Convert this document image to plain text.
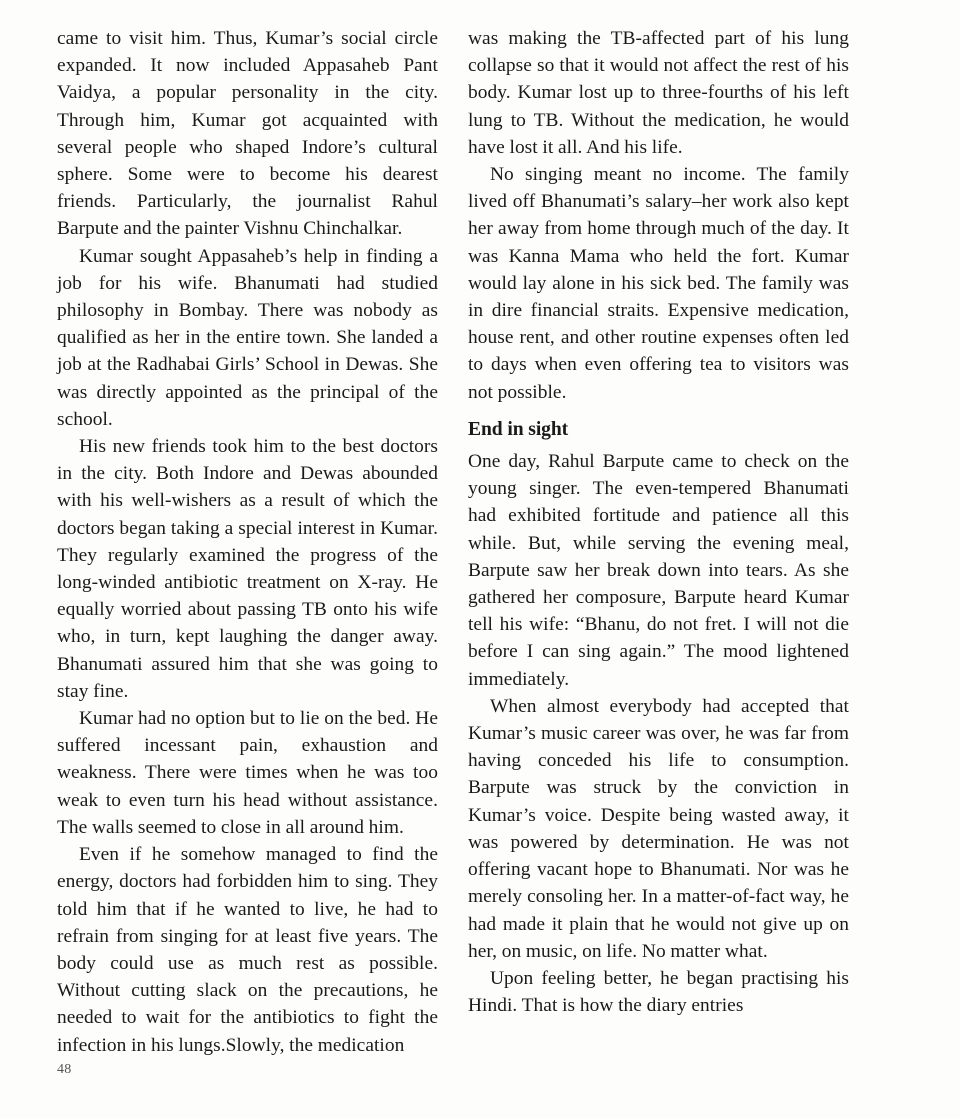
came to visit him. Thus, Kumar’s social circle expanded. It now included Appasaheb Pant Vaidya, a popular personality in the city. Through him, Kumar got acquainted with several people who shaped Indore’s cultural sphere. Some were to become his dearest friends. Particularly, the journalist Rahul Barpute and the painter Vishnu Chinchalkar.

Kumar sought Appasaheb’s help in finding a job for his wife. Bhanumati had studied philosophy in Bombay. There was nobody as qualified as her in the entire town. She landed a job at the Radhabai Girls’ School in Dewas. She was directly appointed as the principal of the school.

His new friends took him to the best doctors in the city. Both Indore and Dewas abounded with his well-wishers as a result of which the doctors began taking a special interest in Kumar. They regularly examined the progress of the long-winded antibiotic treatment on X-ray. He equally worried about passing TB onto his wife who, in turn, kept laughing the danger away. Bhanumati assured him that she was going to stay fine.

Kumar had no option but to lie on the bed. He suffered incessant pain, exhaustion and weakness. There were times when he was too weak to even turn his head without assistance. The walls seemed to close in all around him.

Even if he somehow managed to find the energy, doctors had forbidden him to sing. They told him that if he wanted to live, he had to refrain from singing for at least five years. The body could use as much rest as possible. Without cutting slack on the precautions, he needed to wait for the antibiotics to fight the infection in his lungs.Slowly, the medication

was making the TB-affected part of his lung collapse so that it would not affect the rest of his body. Kumar lost up to three-fourths of his left lung to TB. Without the medication, he would have lost it all. And his life.

No singing meant no income. The family lived off Bhanumati’s salary–her work also kept her away from home through much of the day. It was Kanna Mama who held the fort. Kumar would lay alone in his sick bed. The family was in dire financial straits. Expensive medication, house rent, and other routine expenses often led to days when even offering tea to visitors was not possible.

End in sight

One day, Rahul Barpute came to check on the young singer. The even-tempered Bhanumati had exhibited fortitude and patience all this while. But, while serving the evening meal, Barpute saw her break down into tears. As she gathered her composure, Barpute heard Kumar tell his wife: “Bhanu, do not fret. I will not die before I can sing again.” The mood lightened immediately.

When almost everybody had accepted that Kumar’s music career was over, he was far from having conceded his life to consumption. Barpute was struck by the conviction in Kumar’s voice. Despite being wasted away, it was powered by determination. He was not offering vacant hope to Bhanumati. Nor was he merely consoling her. In a matter-of-fact way, he had made it plain that he would not give up on her, on music, on life. No matter what.

Upon feeling better, he began practising his Hindi. That is how the diary entries

48
